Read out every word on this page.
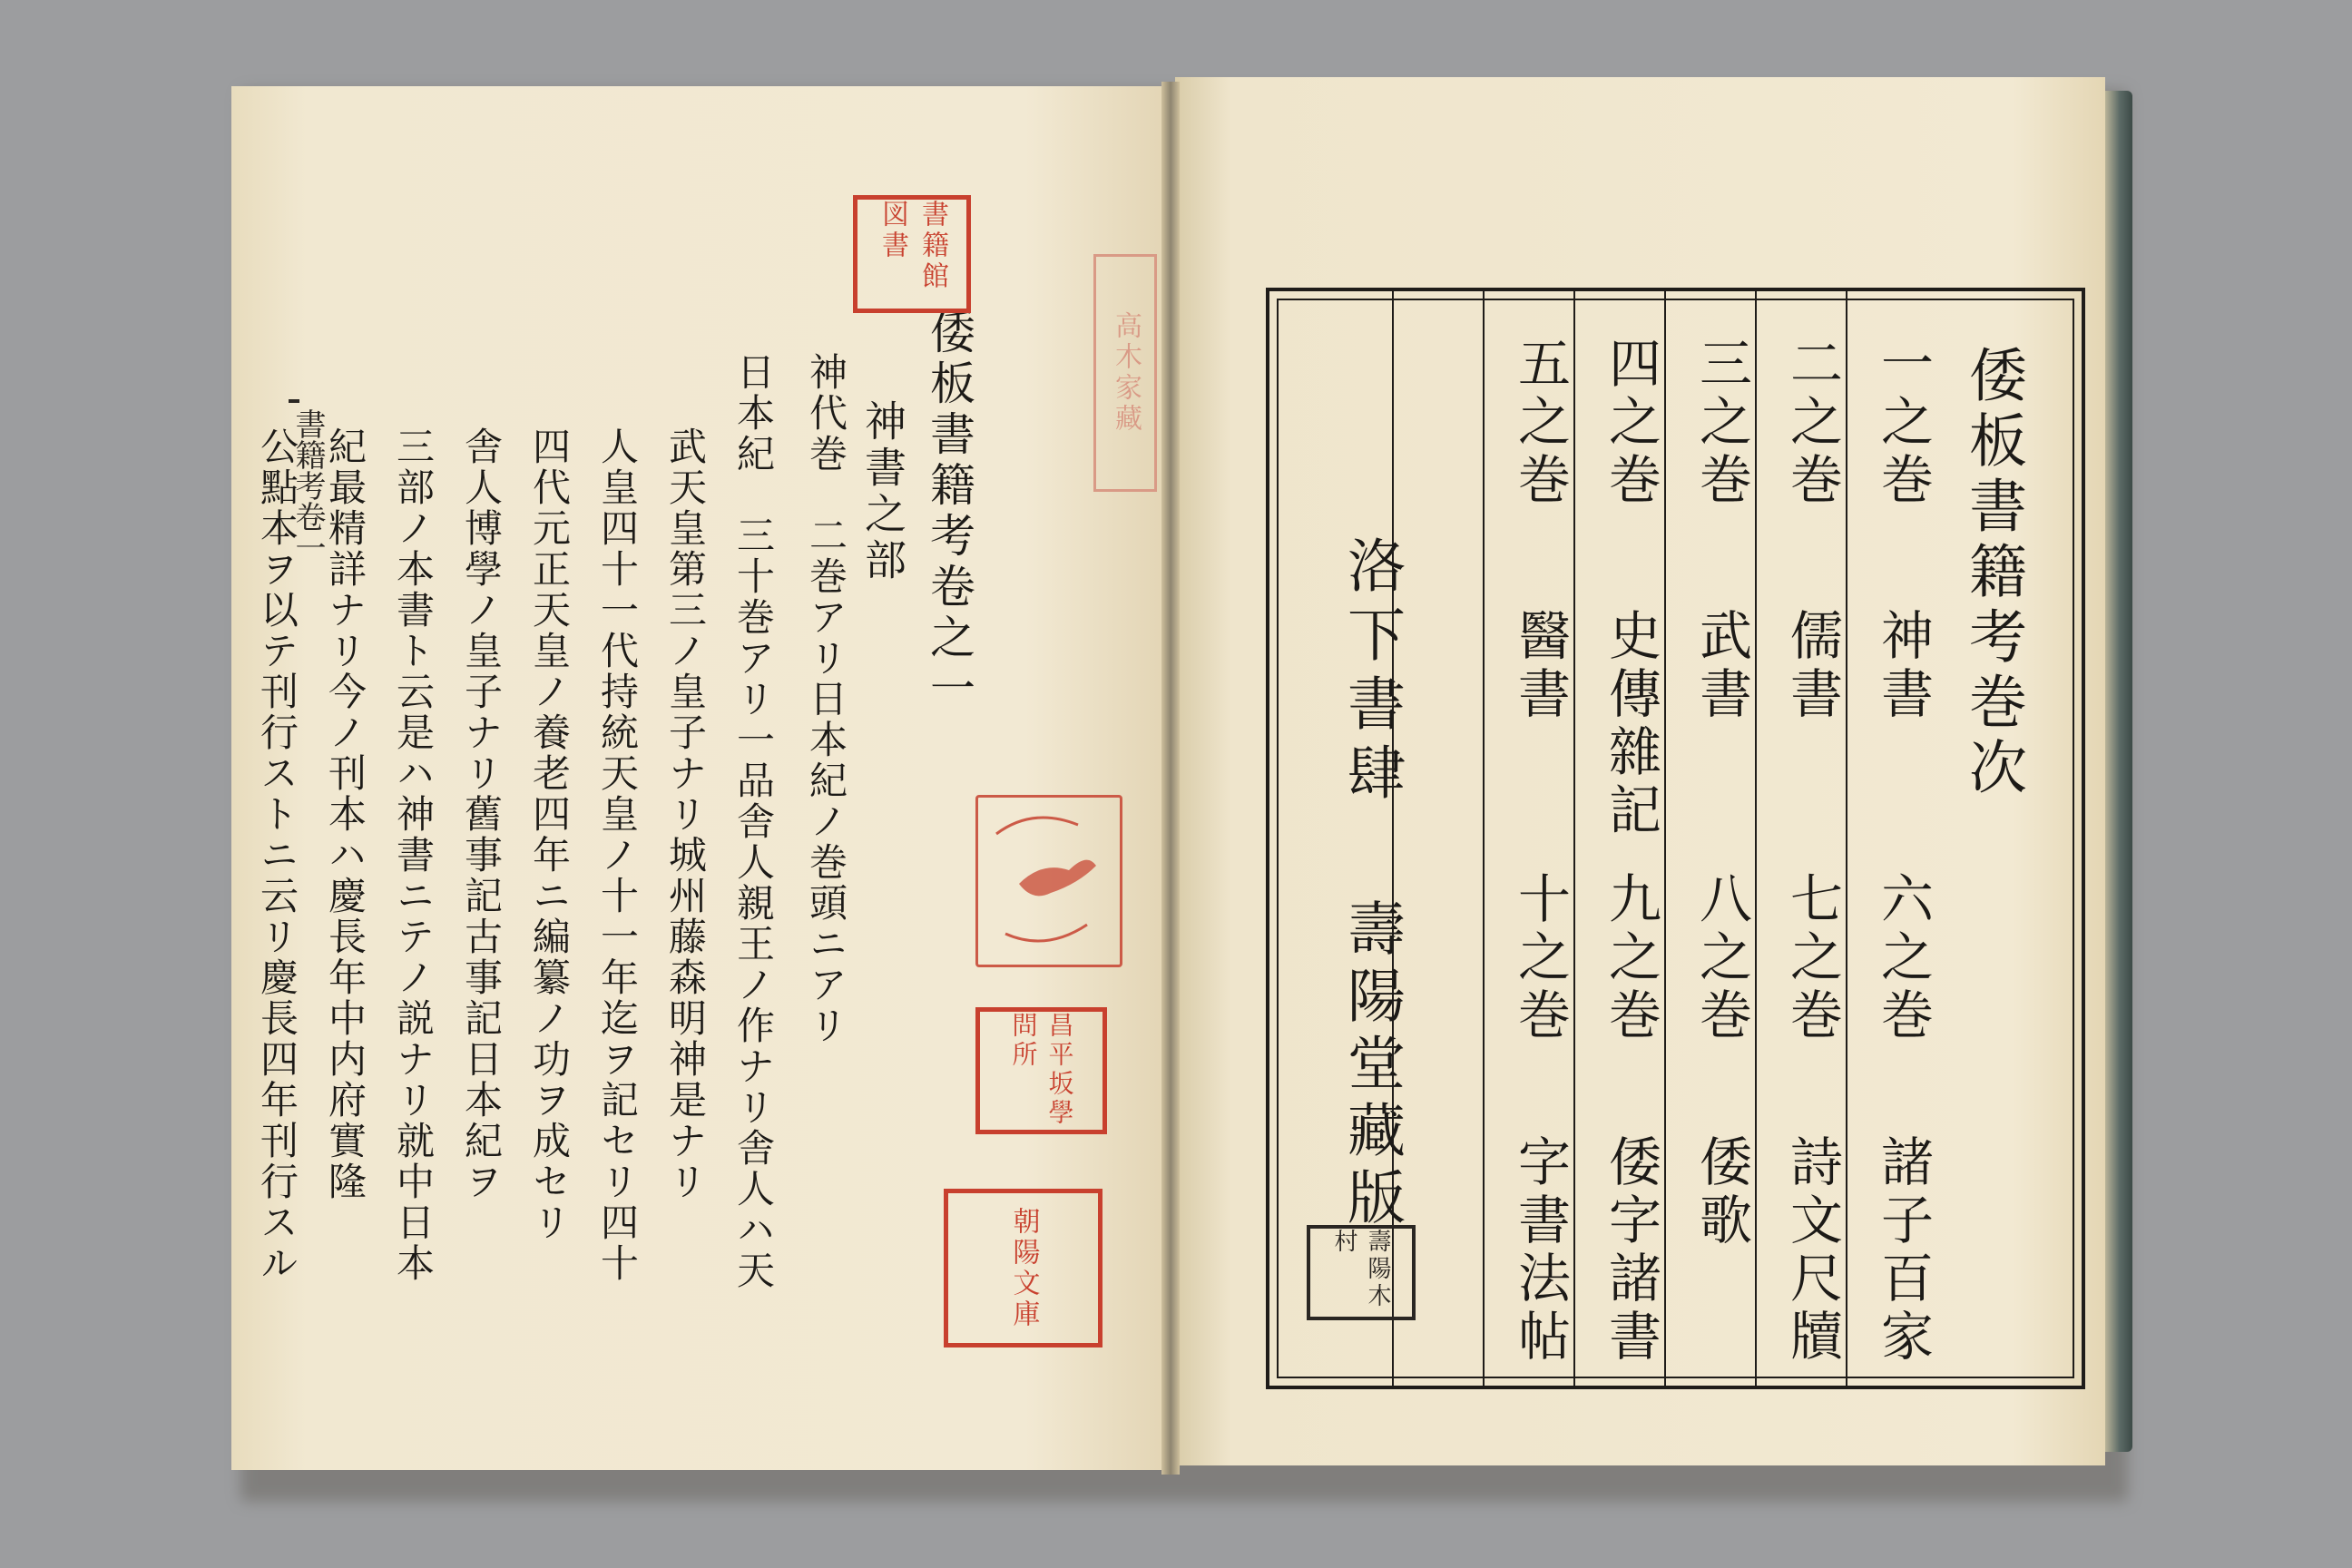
書籍考卷一	倭板書籍考卷之一
神書之部
神代巻　二巻アリ日本紀ノ巻頭ニアリ
日本紀　三十巻アリ一品舎人親王ノ作ナリ舎人ハ天
武天皇第三ノ皇子ナリ城州藤森明神是ナリ
人皇四十一代持統天皇ノ十一年迄ヲ記セリ四十
四代元正天皇ノ養老四年ニ編纂ノ功ヲ成セリ
舎人博學ノ皇子ナリ舊事記古事記日本紀ヲ
三部ノ本書ト云是ハ神書ニテノ説ナリ就中日本
紀最精詳ナリ今ノ刊本ハ慶長年中内府實隆
公點本ヲ以テ刊行ストニ云リ慶長四年刊行スル
書籍館図書
高木家藏
昌平坂學問所
朝陽文庫
倭板書籍考巻次
一之巻
神書
六之巻
諸子百家
二之巻
儒書
七之巻
詩文尺牘
三之巻
武書
八之巻
倭歌
四之巻
史傳雜記
九之巻
倭字諸書
五之巻
醫書
十之巻
字書法帖
洛下書肆
壽陽堂藏版
壽陽木村
